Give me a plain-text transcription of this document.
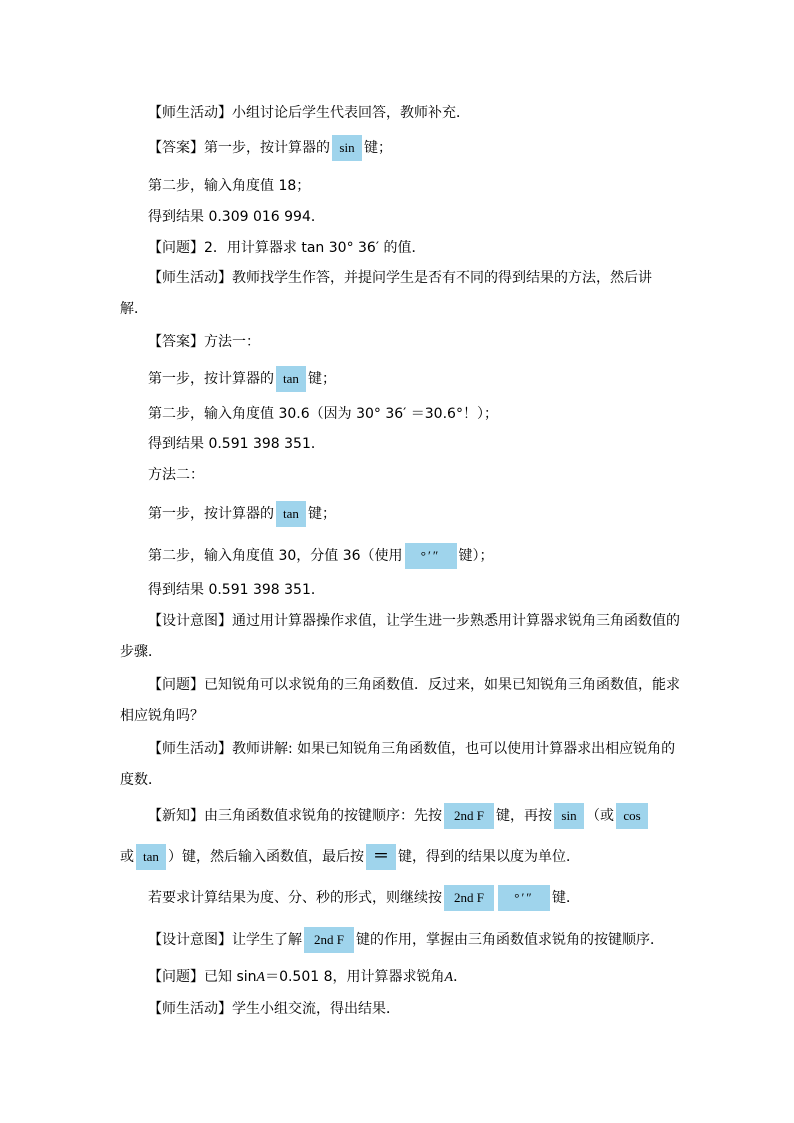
【师生活动】小组讨论后学生代表回答，教师补充．
【答案】第一步，按计算器的 sin 键；
第二步，输入角度值 18；
得到结果 0.309 016 994．
【问题】2．用计算器求 tan 30° 36′ 的值．
【师生活动】教师找学生作答，并提问学生是否有不同的得到结果的方法，然后讲
解．
【答案】方法一：
第一步，按计算器的 tan 键；
第二步，输入角度值 30.6（因为 30° 36′ ＝30.6°！）；
得到结果 0.591 398 351．
方法二：
第一步，按计算器的 tan 键；
第二步，输入角度值 30，分值 36（使用 °′″ 键）；
得到结果 0.591 398 351．
【设计意图】通过用计算器操作求值，让学生进一步熟悉用计算器求锐角三角函数值的
步骤．
【问题】已知锐角可以求锐角的三角函数值．反过来，如果已知锐角三角函数值，能求
相应锐角吗？
【师生活动】教师讲解: 如果已知锐角三角函数值，也可以使用计算器求出相应锐角的
度数．
【新知】由三角函数值求锐角的按键顺序：先按 2nd F 键，再按 sin （或 cos
或 tan ）键，然后输入函数值，最后按 ＝ 键，得到的结果以度为单位．
若要求计算结果为度、分、秒的形式，则继续按 2nd F °′″ 键．
【设计意图】让学生了解 2nd F 键的作用，掌握由三角函数值求锐角的按键顺序．
【问题】已知 sinA＝0.501 8，用计算器求锐角A．
【师生活动】学生小组交流，得出结果．
